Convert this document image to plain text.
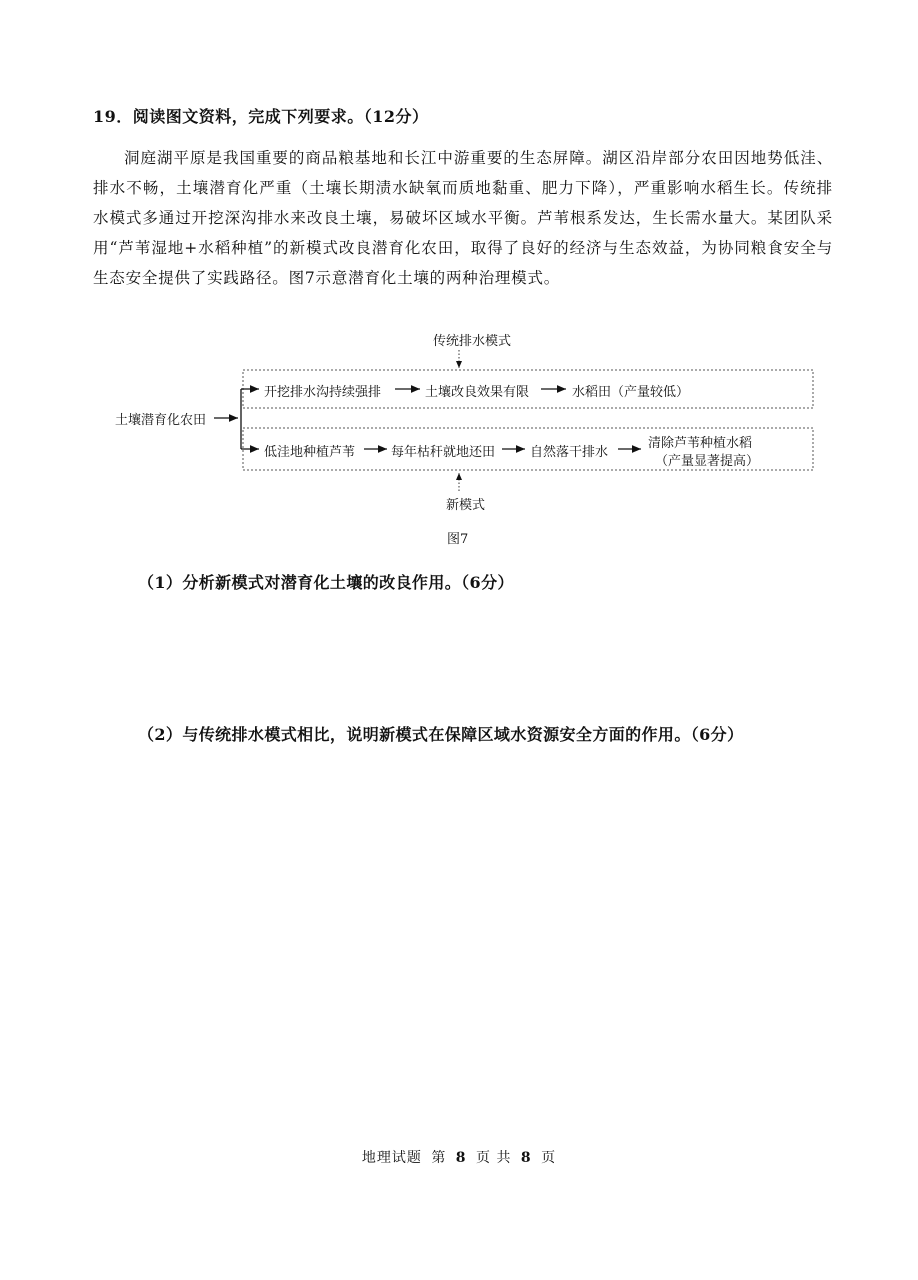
19．阅读图文资料，完成下列要求。（12分）
洞庭湖平原是我国重要的商品粮基地和长江中游重要的生态屏障。湖区沿岸部分农田因地势低洼、排水不畅，土壤潜育化严重（土壤长期渍水缺氧而质地黏重、肥力下降），严重影响水稻生长。传统排水模式多通过开挖深沟排水来改良土壤，易破坏区域水平衡。芦苇根系发达，生长需水量大。某团队采用“芦苇湿地+水稻种植”的新模式改良潜育化农田，取得了良好的经济与生态效益，为协同粮食安全与生态安全提供了实践路径。图7示意潜育化土壤的两种治理模式。
传统排水模式
土壤潜育化农田
开挖排水沟持续强排	土壤改良效果有限	水稻田（产量较低）
低洼地种植芦苇	每年枯秆就地还田	自然落干排水
清除芦苇种植水稻
（产量显著提高）
新模式
图7
（1）分析新模式对潜育化土壤的改良作用。（6分）
（2）与传统排水模式相比，说明新模式在保障区域水资源安全方面的作用。（6分）
地理试题 第 8 页 共 8 页
